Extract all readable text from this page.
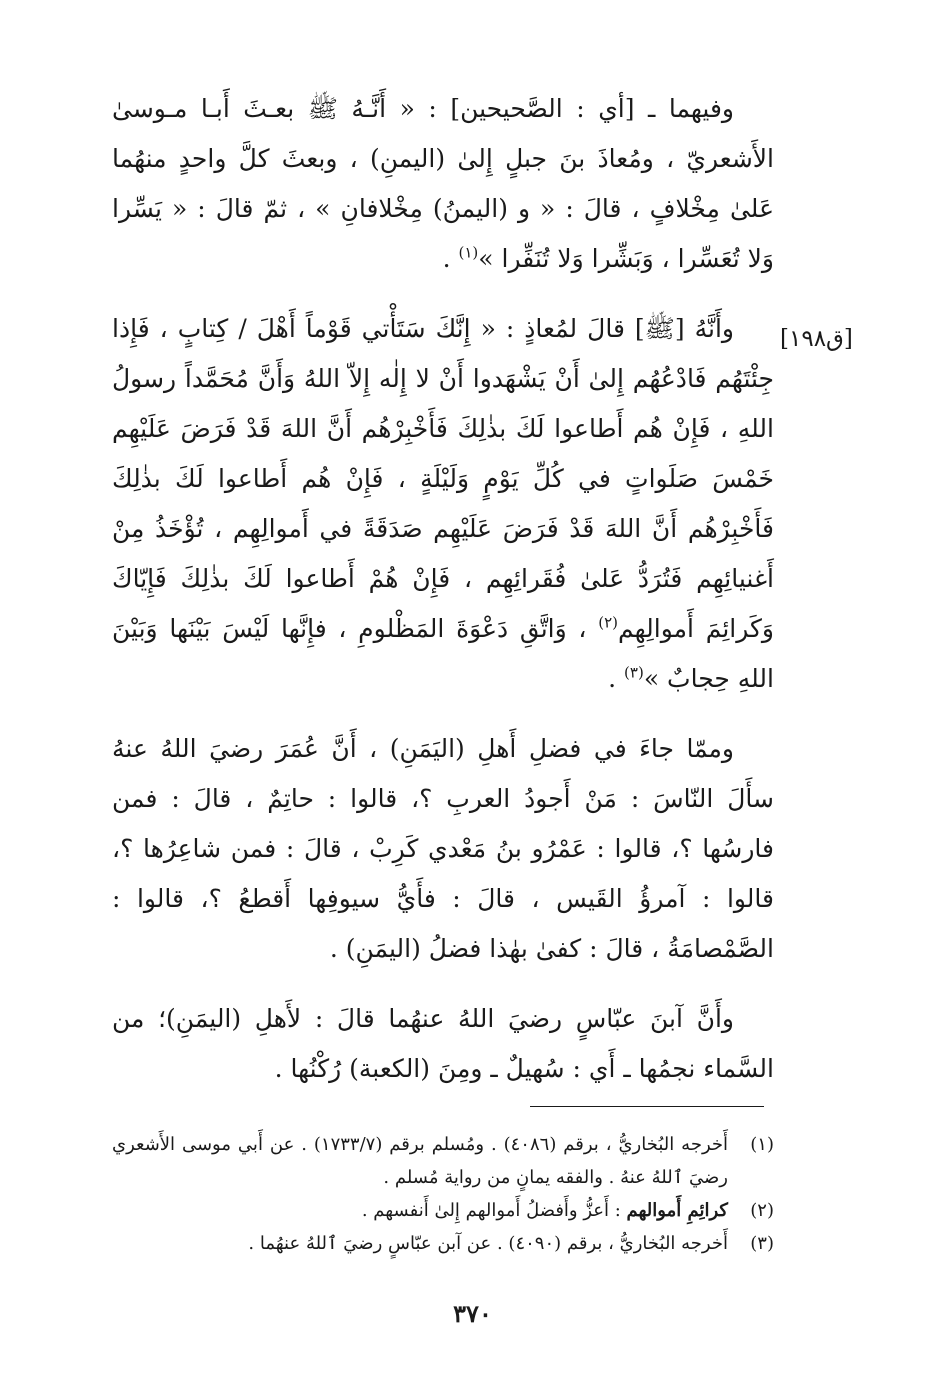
[ق١٩٨]

وفيهما ـ [أي : الصَّحيحين] : « أَنَّـهُ ﷺ بعـثَ أَبـا مـوسىٰ الأَشعريّ ، ومُعاذَ بنَ جبلٍ إِلىٰ (اليمنِ) ، وبعثَ كلَّ واحدٍ منهُما عَلىٰ مِخْلافٍ ، قالَ : « و (اليمنُ) مِخْلافانِ » ، ثمّ قالَ : « يَسِّرا وَلا تُعَسِّرا ، وَبَشِّرا وَلا تُنَفِّرا »$^{(١)}$ .

وأَنَّهُ [ﷺ] قالَ لمُعاذٍ : « إِنَّكَ سَتَأْتي قَوْماً أَهْلَ / كِتابٍ ، فَإِذا جِئْتَهُم فَادْعُهُم إِلىٰ أَنْ يَشْهَدوا أَنْ لا إِلٰه إِلاّ اللهُ وَأَنَّ مُحَمَّداً رسولُ اللهِ ، فَإِنْ هُم أَطاعوا لَكَ بذٰلِكَ فَأَخْبِرْهُم أَنَّ اللهَ قَدْ فَرَضَ عَلَيْهِم خَمْسَ صَلَواتٍ في كُلِّ يَوْمٍ وَلَيْلَةٍ ، فَإِنْ هُم أَطاعوا لَكَ بذٰلِكَ فَأَخْبِرْهُم أَنَّ اللهَ قَدْ فَرَضَ عَلَيْهِم صَدَقَةً في أَموالِهِم ، تُؤْخَذُ مِنْ أَغنيائِهِم فَتُرَدُّ عَلىٰ فُقَرائِهِم ، فَإِنْ هُمْ أَطاعوا لَكَ بذٰلِكَ فَإِيّاكَ وَكَرائِمَ أَموالِهِم$^{(٢)}$ ، وَاتَّقِ دَعْوَةَ المَظْلومِ ، فإِنَّها لَيْسَ بَيْنَها وَبَيْنَ اللهِ حِجابٌ »$^{(٣)}$ .

وممّا جاءَ في فضلِ أَهلِ (اليَمَنِ) ، أَنَّ عُمَرَ رضيَ اللهُ عنهُ سأَلَ النّاسَ : مَنْ أَجودُ العربِ ؟، قالوا : حاتِمٌ ، قالَ : فمن فارسُها ؟، قالوا : عَمْرُو بنُ مَعْدي كَرِبْ ، قالَ : فمن شاعِرُها ؟، قالوا : آمرؤُ القَيس ، قالَ : فأَيُّ سيوفِها أَقطعُ ؟، قالوا : الصَّمْصامَةُ ، قالَ : كفىٰ بهٰذا فضلُ (اليمَنِ) .

وأَنَّ آبنَ عبّاسٍ رضيَ اللهُ عنهُما قالَ : لأَهلِ (اليمَنِ)؛ من السَّماء نجمُها ـ أَي : سُهيلٌ ـ ومِنَ (الكعبة) رُكْنُها .

(١)
أَخرجه البُخاريُّ ، برقم (٤٠٨٦) . ومُسلم برقم (١٧٣٣/٧) . عن أَبي موسى الأَشعري رضيَ ٱللهُ عنهُ . والفقه يمانٍ من رواية مُسلم .
(٢)
كرائِمِ أَموالهم : أَعزُّ وأَفضلُ أَموالهم إِلىٰ أَنفسهم .
(٣)
أَخرجه البُخاريُّ ، برقم (٤٠٩٠) . عن آبن عبّاسٍ رضيَ ٱللهُ عنهُما .
٣٧٠
